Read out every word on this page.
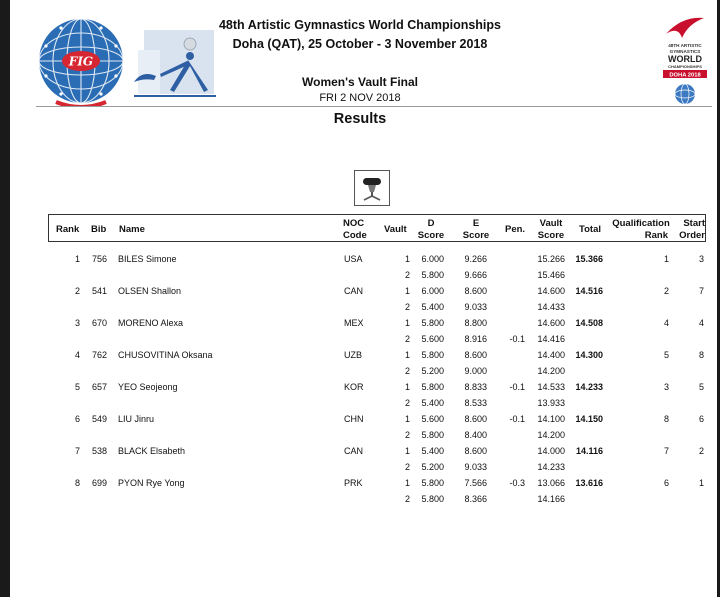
FIG
48TH ARTISTIC
GYMNASTICS
WORLD
CHAMPIONSHIPS
DOHA 2018
48th Artistic Gymnastics World Championships
Doha (QAT), 25 October - 3 November 2018
Women's Vault Final
FRI 2 NOV 2018
Results
Rank Bib Name
NOC
Code
Vault
D
Score
E
Score
Pen.
Vault
Score
Total
Qualification
Rank
Start
Order
1	756 BILES Simone	USA	1	6.000	9.266	15.266	15.366	1	3
2	5.800	9.666	15.466
2	541 OLSEN Shallon	CAN	1	6.000	8.600	14.600	14.516	2	7
2	5.400	9.033	14.433
3	670 MORENO Alexa	MEX	1	5.800	8.800	14.600	14.508	4	4
2	5.600	8.916	-0.1	14.416
4	762 CHUSOVITINA Oksana	UZB	1	5.800	8.600	14.400	14.300	5	8
2	5.200	9.000	14.200
5	657 YEO Seojeong	KOR	1	5.800	8.833	-0.1	14.533	14.233	3	5
2	5.400	8.533	13.933
6	549 LIU Jinru	CHN	1	5.600	8.600	-0.1	14.100	14.150	8	6
2	5.800	8.400	14.200
7	538 BLACK Elsabeth	CAN	1	5.400	8.600	14.000	14.116	7	2
2	5.200	9.033	14.233
8	699 PYON Rye Yong	PRK	1	5.800	7.566	-0.3	13.066	13.616	6	1
2	5.800	8.366	14.166
